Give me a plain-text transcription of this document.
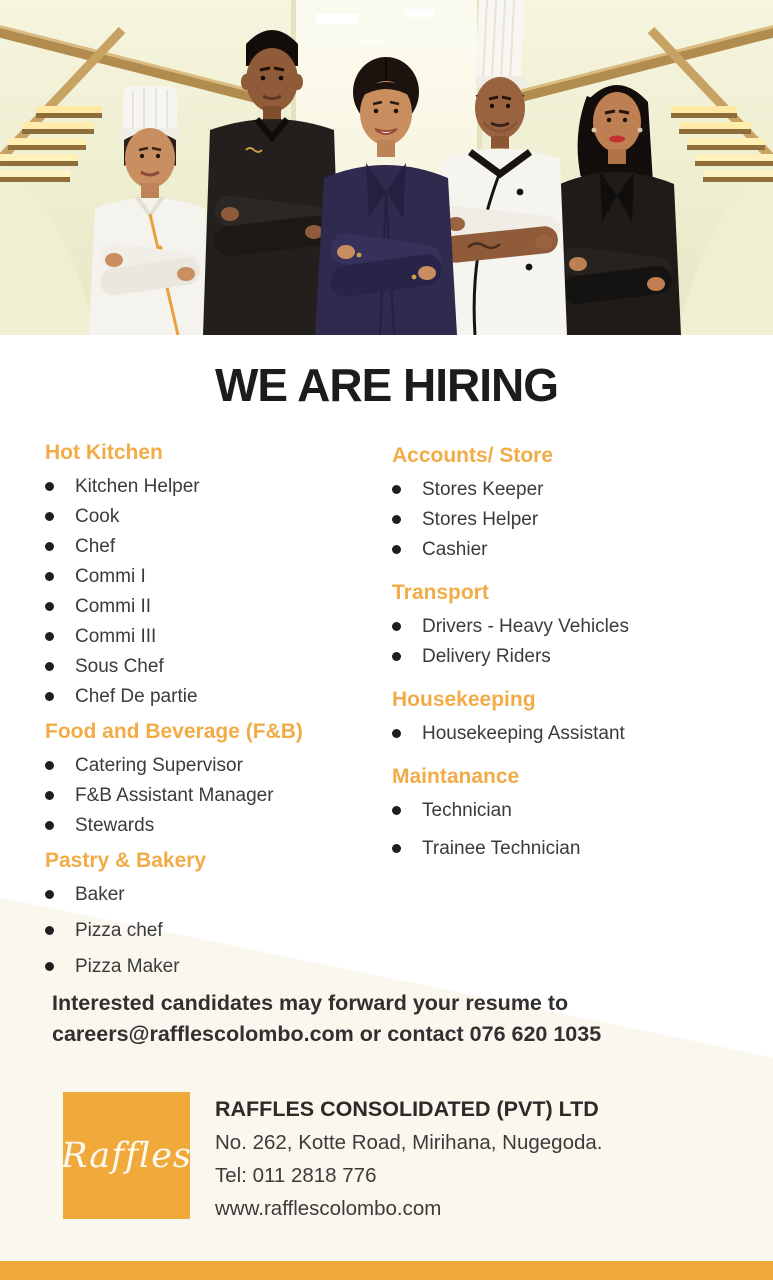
WE ARE HIRING
Hot Kitchen
Kitchen Helper
Cook
Chef
Commi I
Commi II
Commi III
Sous Chef
Chef De partie
Food and Beverage (F&B)
Catering Supervisor
F&B Assistant Manager
Stewards
Pastry & Bakery
Baker
Pizza chef
Pizza Maker
Accounts/ Store
Stores Keeper
Stores Helper
Cashier
Transport
Drivers - Heavy Vehicles
Delivery Riders
Housekeeping
Housekeeping Assistant
Maintanance
Technician
Trainee Technician
Interested candidates may forward your resume to
careers@rafflescolombo.com or contact 076 620 1035
Raffles
RAFFLES CONSOLIDATED (PVT) LTD
No. 262, Kotte Road, Mirihana, Nugegoda.
Tel: 011 2818 776
www.rafflescolombo.com
